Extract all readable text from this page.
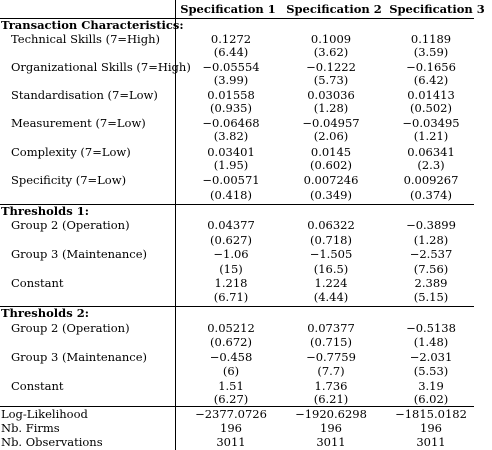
Specification 1 Specification 2 Specification 3
Transaction Characteristics:
Technical Skills (7=High)	0.1272	0.1009	0.1189
(6.44)	(3.62)	(3.59)
Organizational Skills (7=High)	−0.05554	−0.1222	−0.1656
(3.99)	(5.73)	(6.42)
Standardisation (7=Low)	0.01558	0.03036	0.01413
(0.935)	(1.28)	(0.502)
Measurement (7=Low)	−0.06468	−0.04957	−0.03495
(3.82)	(2.06)	(1.21)
Complexity (7=Low)	0.03401	0.0145	0.06341
(1.95)	(0.602)	(2.3)
Specificity (7=Low)	−0.00571	0.007246	0.009267
(0.418)	(0.349)	(0.374)
Thresholds 1:
Group 2 (Operation)	0.04377	0.06322	−0.3899
(0.627)	(0.718)	(1.28)
Group 3 (Maintenance)	−1.06	−1.505	−2.537
(15)	(16.5)	(7.56)
Constant	1.218	1.224	2.389
(6.71)	(4.44)	(5.15)
Thresholds 2:
Group 2 (Operation)	0.05212	0.07377	−0.5138
(0.672)	(0.715)	(1.48)
Group 3 (Maintenance)	−0.458	−0.7759	−2.031
(6)	(7.7)	(5.53)
Constant	1.51	1.736	3.19
(6.27)	(6.21)	(6.02)
Log-Likelihood	−2377.0726	−1920.6298	−1815.0182
Nb. Firms	196	196	196
Nb. Observations	3011	3011	3011
